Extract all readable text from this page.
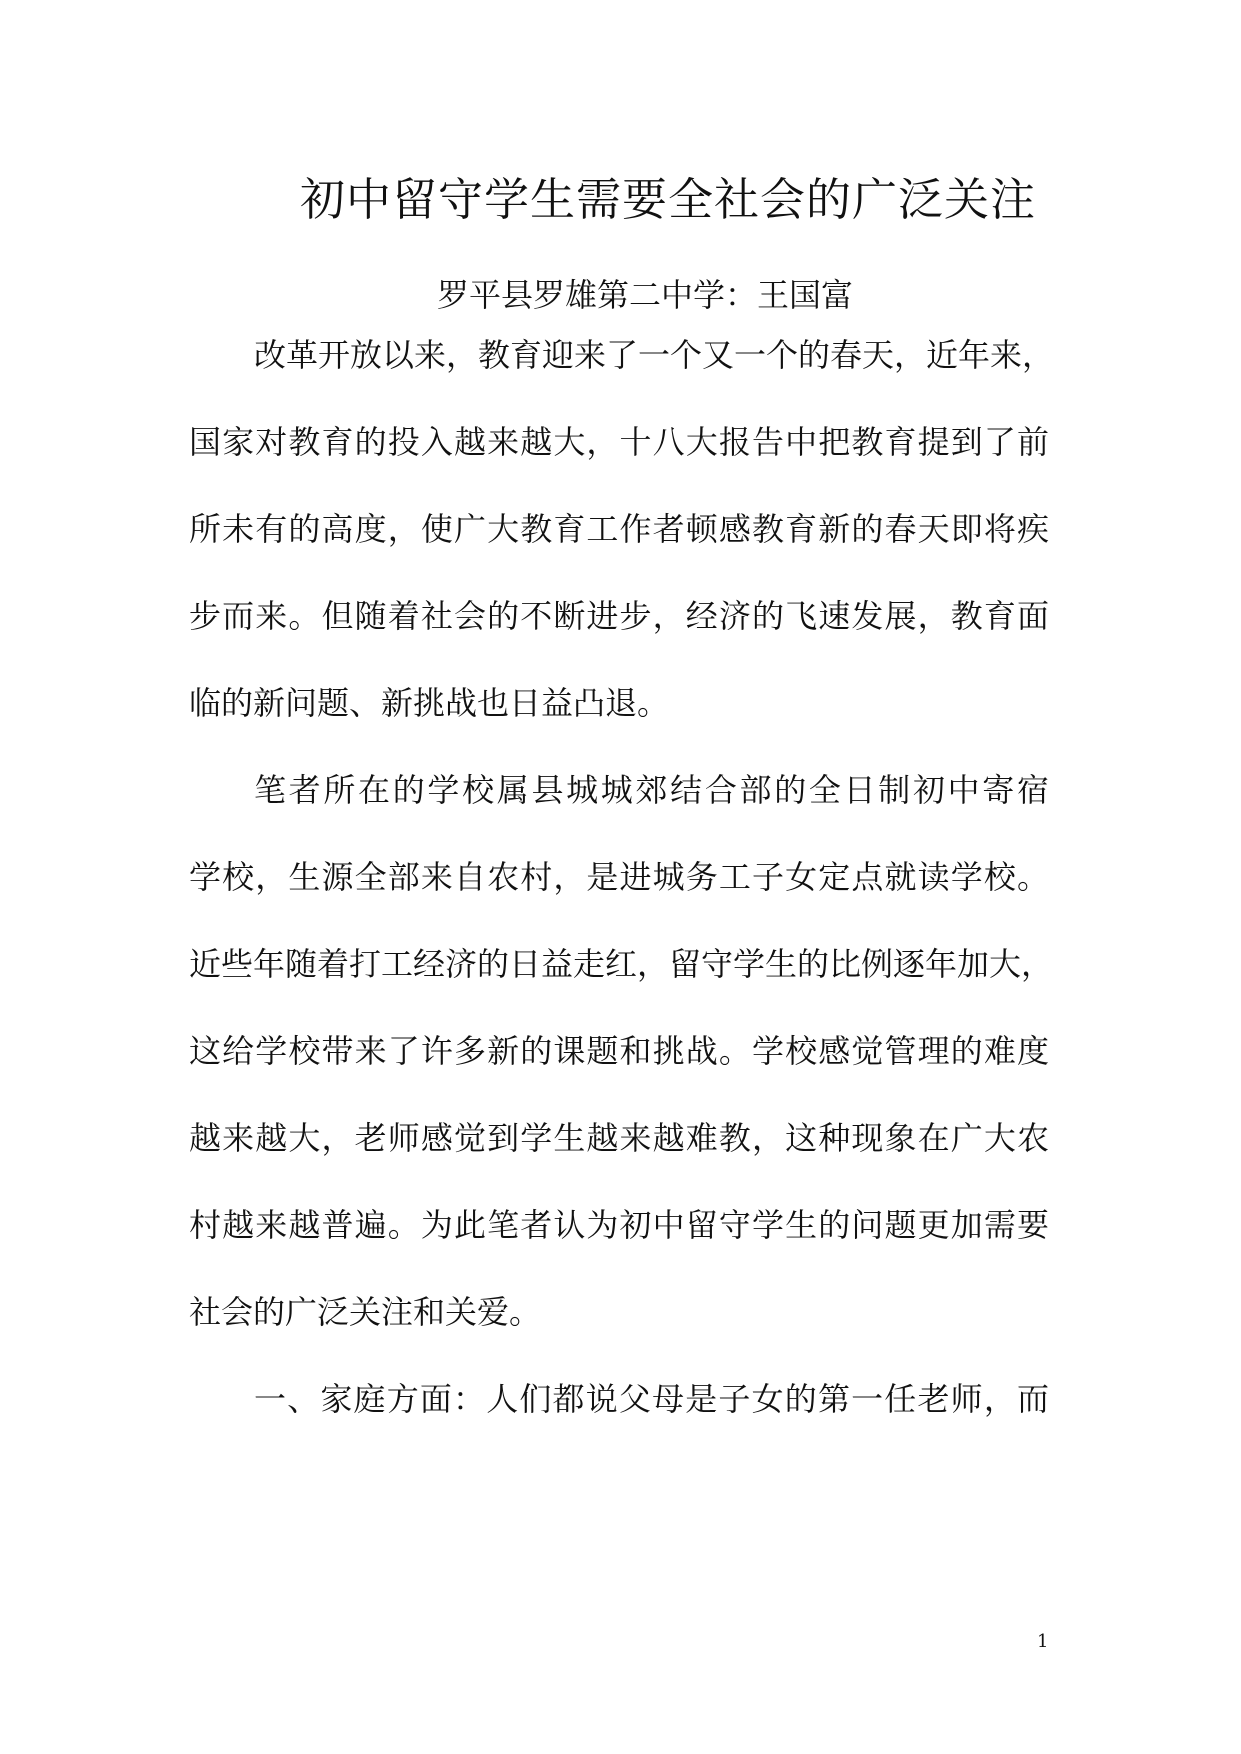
初中留守学生需要全社会的广泛关注
罗平县罗雄第二中学：王国富
改革开放以来，教育迎来了一个又一个的春天，近年来，
国家对教育的投入越来越大，十八大报告中把教育提到了前
所未有的高度，使广大教育工作者顿感教育新的春天即将疾
步而来。但随着社会的不断进步，经济的飞速发展，教育面
临的新问题、新挑战也日益凸退。
笔者所在的学校属县城城郊结合部的全日制初中寄宿
学校，生源全部来自农村，是进城务工子女定点就读学校。
近些年随着打工经济的日益走红，留守学生的比例逐年加大，
这给学校带来了许多新的课题和挑战。学校感觉管理的难度
越来越大，老师感觉到学生越来越难教，这种现象在广大农
村越来越普遍。为此笔者认为初中留守学生的问题更加需要
社会的广泛关注和关爱。
一、家庭方面：人们都说父母是子女的第一任老师，而
1
